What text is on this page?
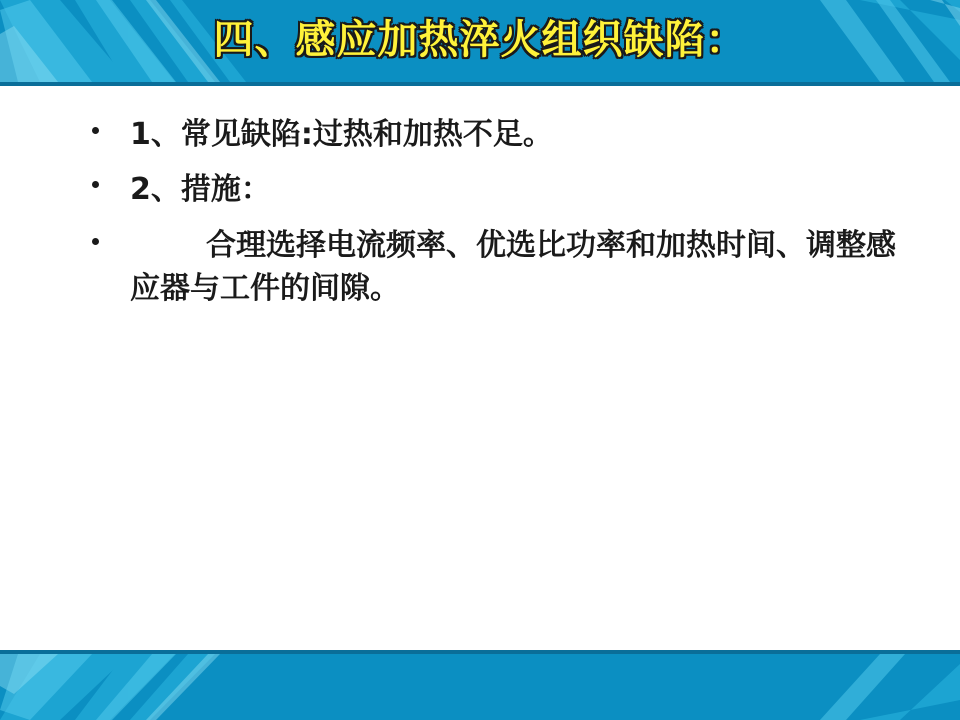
四、感应加热淬火组织缺陷：
1、常见缺陷:过热和加热不足。
2、措施：
合理选择电流频率、优选比功率和加热时间、调整感应器与工件的间隙。
